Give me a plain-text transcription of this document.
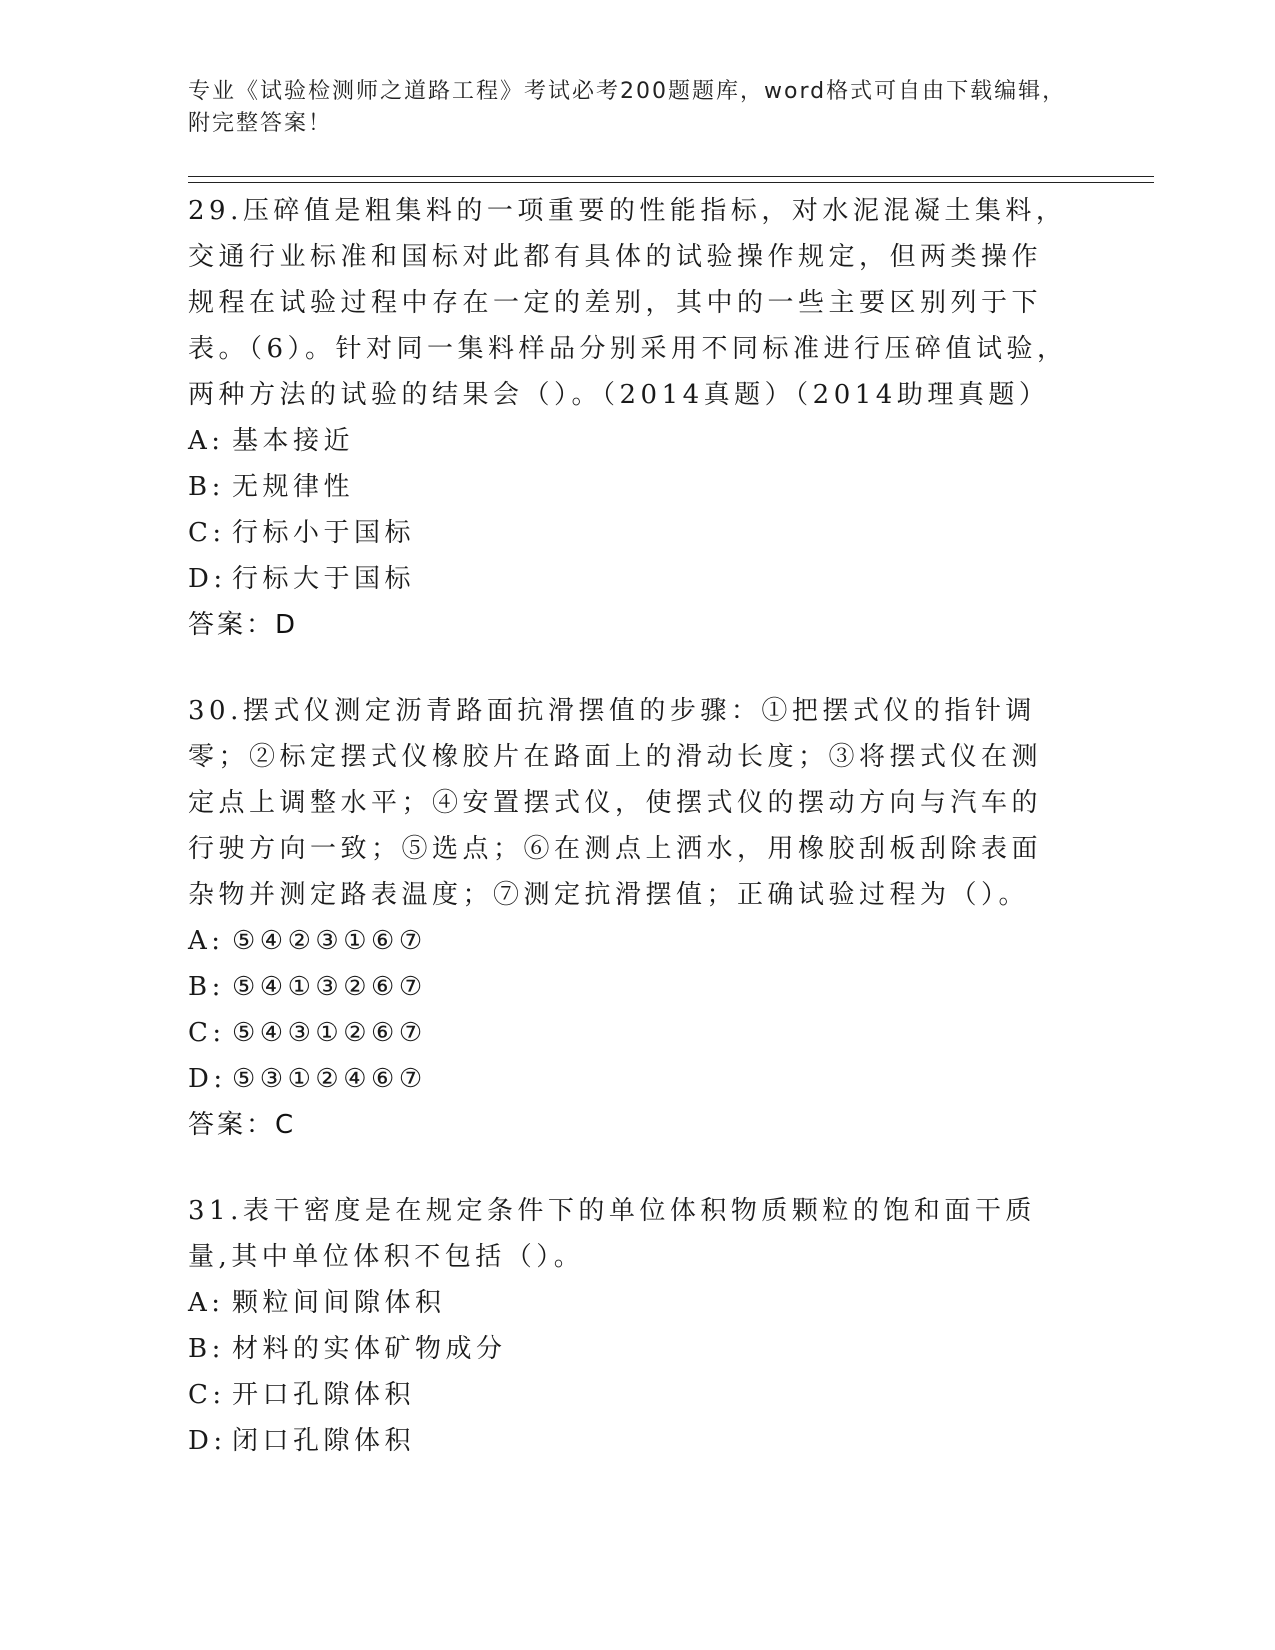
专业《试验检测师之道路工程》考试必考200题题库，word格式可自由下载编辑，附完整答案！

29.压碎值是粗集料的一项重要的性能指标，对水泥混凝土集料，交通行业标准和国标对此都有具体的试验操作规定，但两类操作规程在试验过程中存在一定的差别，其中的一些主要区别列于下表。（6）。针对同一集料样品分别采用不同标准进行压碎值试验，两种方法的试验的结果会（）。（2014真题）（2014助理真题）

A: 基本接近
B: 无规律性
C: 行标小于国标
D: 行标大于国标
答案：D

30.摆式仪测定沥青路面抗滑摆值的步骤：①把摆式仪的指针调零；②标定摆式仪橡胶片在路面上的滑动长度；③将摆式仪在测定点上调整水平；④安置摆式仪，使摆式仪的摆动方向与汽车的行驶方向一致；⑤选点；⑥在测点上洒水，用橡胶刮板刮除表面杂物并测定路表温度；⑦测定抗滑摆值；正确试验过程为（）。

A: ⑤④②③①⑥⑦
B: ⑤④①③②⑥⑦
C: ⑤④③①②⑥⑦
D: ⑤③①②④⑥⑦
答案：C

31.表干密度是在规定条件下的单位体积物质颗粒的饱和面干质量,其中单位体积不包括（）。

A: 颗粒间间隙体积
B: 材料的实体矿物成分
C: 开口孔隙体积
D: 闭口孔隙体积
